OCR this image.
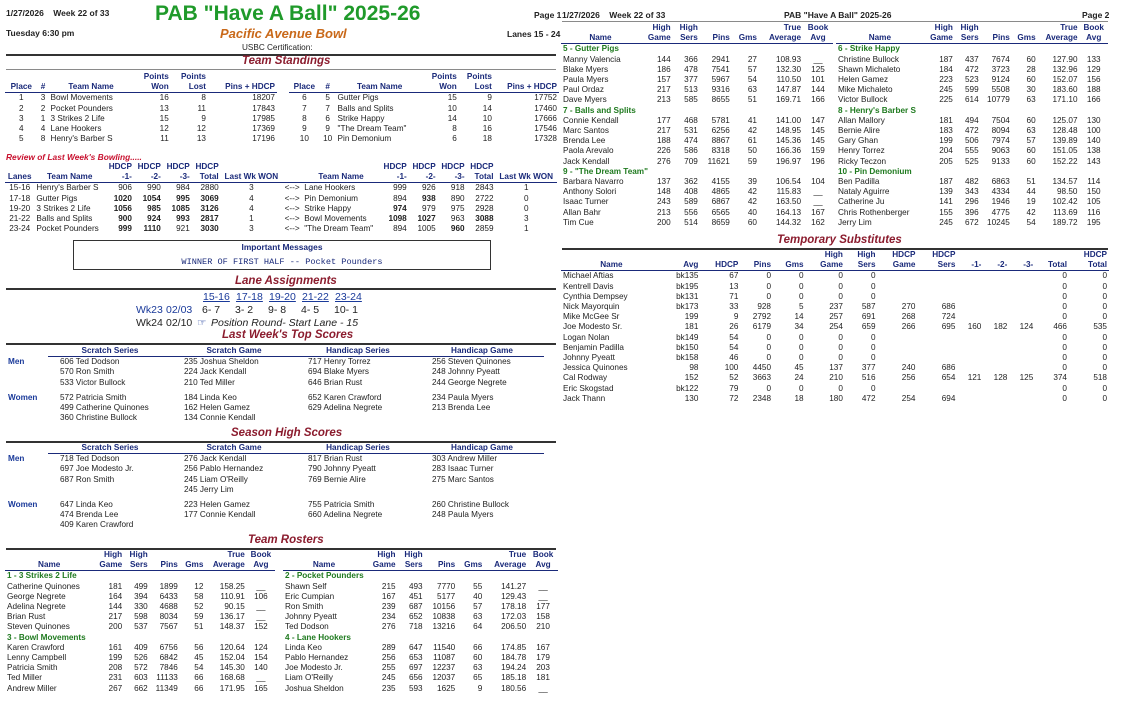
1/27/2026 Week 22 of 33 PAB "Have A Ball" 2025-26
Tuesday 6:30 pm	Pacific Avenue Bowl	Lanes 15 - 24
USBC Certification:
Team Standings
Place	#	Team Name	Points
Won	Points
Lost	Pins + HDCP
1	3	Bowl Movements	16	8	18207
2	2	Pocket Pounders	13	11	17843
3	1	3 Strikes 2 Life	15	9	17985
4	4	Lane Hookers	12	12	17369
5	8	Henry's Barber S	11	13	17196
Place	#	Team Name	Points
Won	Points
Lost	Pins + HDCP
6	5	Gutter Pigs	15	9	17752
7	7	Balls and Splits	10	14	17460
8	6	Strike Happy	14	10	17666
9	9	"The Dream Team"	8	16	17546
10	10	Pin Demonium	6	18	17328
Review of Last Week's Bowling.....
Lanes	Team Name	HDCP
-1-	HDCP
-2-	HDCP
-3-	HDCP
Total	Last Wk WON		Team Name	HDCP
-1-	HDCP
-2-	HDCP
-3-	HDCP
Total	Last Wk WON
15-16	Henry's Barber S	906	990	984	2880	3	<-->	Lane Hookers	999	926	918	2843	1
17-18	Gutter Pigs	1020	1054	995	3069	4	<-->	Pin Demonium	894	938	890	2722	0
19-20	3 Strikes 2 Life	1056	985	1085	3126	4	<-->	Strike Happy	974	979	975	2928	0
21-22	Balls and Splits	900	924	993	2817	1	<-->	Bowl Movements	1098	1027	963	3088	3
23-24	Pocket Pounders	999	1110	921	3030	3	<-->	"The Dream Team"	894	1005	960	2859	1
Important Messages
WINNER OF FIRST HALF -- Pocket Pounders
Lane Assignments
15-16 17-18 19-20 21-22 23-24
Wk23 02/03 6- 7 3- 2 9- 8 4- 5 10- 1
Wk24 02/10 ☞ Position Round- Start Lane - 15
Last Week's Top Scores
	Scratch Series	Scratch Game	Handicap Series	Handicap Game
Men	606 Ted Dodson	235 Joshua Sheldon	717 Henry Torrez	256 Steven Quinones
	570 Ron Smith	224 Jack Kendall	694 Blake Myers	248 Johnny Pyeatt
	533 Victor Bullock	210 Ted Miller	646 Brian Rust	244 George Negrete

Women	572 Patricia Smith	184 Linda Keo	652 Karen Crawford	234 Paula Myers
	499 Catherine Quinones	162 Helen Gamez	629 Adelina Negrete	213 Brenda Lee
	360 Christine Bullock	134 Connie Kendall		
Season High Scores
	Scratch Series	Scratch Game	Handicap Series	Handicap Game
Men	718 Ted Dodson	276 Jack Kendall	817 Brian Rust	303 Andrew Miller
	697 Joe Modesto Jr.	256 Pablo Hernandez	790 Johnny Pyeatt	283 Isaac Turner
	687 Ron Smith	245 Liam O'Reilly	769 Bernie Alire	275 Marc Santos
		245 Jerry Lim		

Women	647 Linda Keo	223 Helen Gamez	755 Patricia Smith	260 Christine Bullock
	474 Brenda Lee	177 Connie Kendall	660 Adelina Negrete	248 Paula Myers
	409 Karen Crawford			
Team Rosters
Name	High
Game	High
Sers	Pins	Gms	True
Average	Book
Avg
1 - 3 Strikes 2 Life						
Catherine Quinones	181	499	1899	12	158.25	__
George Negrete	164	394	6433	58	110.91	106
Adelina Negrete	144	330	4688	52	90.15	__
Brian Rust	217	598	8034	59	136.17	__
Steven Quinones	200	537	7567	51	148.37	152
3 - Bowl Movements						
Karen Crawford	161	409	6756	56	120.64	124
Lenny Campbell	199	526	6842	45	152.04	154
Patricia Smith	208	572	7846	54	145.30	140
Ted Miller	231	603	11133	66	168.68	__
Andrew Miller	267	662	11349	66	171.95	165
Name	High
Game	High
Sers	Pins	Gms	True
Average	Book
Avg
2 - Pocket Pounders						
Shawn Self	215	493	7770	55	141.27	__
Eric Cumpian	167	451	5177	40	129.43	__
Ron Smith	239	687	10156	57	178.18	177
Johnny Pyeatt	234	652	10838	63	172.03	158
Ted Dodson	276	718	13216	64	206.50	210
4 - Lane Hookers						
Linda Keo	289	647	11540	66	174.85	167
Pablo Hernandez	256	653	11087	60	184.78	179
Joe Modesto Jr.	255	697	12237	63	194.24	203
Liam O'Reilly	245	656	12037	65	185.18	181
Joshua Sheldon	235	593	1625	9	180.56	__
Page 1 1/27/2026 Week 22 of 33	PAB "Have A Ball" 2025-26	Page 2
Name	High
Game	High
Sers	Pins	Gms	True
Average	Book
Avg
5 - Gutter Pigs						
Manny Valencia	144	366	2941	27	108.93	__
Blake Myers	186	478	7541	57	132.30	125
Paula Myers	157	377	5967	54	110.50	101
Paul Ordaz	217	513	9316	63	147.87	144
Dave Myers	213	585	8655	51	169.71	166
7 - Balls and Splits						
Connie Kendall	177	468	5781	41	141.00	147
Marc Santos	217	531	6256	42	148.95	145
Brenda Lee	188	474	8867	61	145.36	145
Paola Arevalo	226	586	8318	50	166.36	159
Jack Kendall	276	709	11621	59	196.97	196
9 - "The Dream Team"						
Barbara Navarro	137	362	4155	39	106.54	104
Anthony Solori	148	408	4865	42	115.83	__
Isaac Turner	243	589	6867	42	163.50	__
Allan Bahr	213	556	6565	40	164.13	167
Tim Cue	200	514	8659	60	144.32	162
Name	High
Game	High
Sers	Pins	Gms	True
Average	Book
Avg
6 - Strike Happy						
Christine Bullock	187	437	7674	60	127.90	133
Shawn Michaleto	184	472	3723	28	132.96	129
Helen Gamez	223	523	9124	60	152.07	156
Mike Michaleto	245	599	5508	30	183.60	188
Victor Bullock	225	614	10779	63	171.10	166
8 - Henry's Barber S						
Allan Mallory	181	494	7504	60	125.07	130
Bernie Alire	183	472	8094	63	128.48	100
Gary Ghan	199	506	7974	57	139.89	140
Henry Torrez	204	555	9063	60	151.05	138
Ricky Teczon	205	525	9133	60	152.22	143
10 - Pin Demonium						
Ben Padilla	187	482	6863	51	134.57	114
Nataly Aguirre	139	343	4334	44	98.50	150
Catherine Ju	141	296	1946	19	102.42	105
Chris Rothenberger	155	396	4775	42	113.69	116
Jerry Lim	245	672	10245	54	189.72	195
Temporary Substitutes
Name	Avg	HDCP	Pins	Gms	High
Game	High
Sers	HDCP
Game	HDCP
Sers	-1-	-2-	-3-	Total	HDCP
Total
Michael Aftias	bk135	67	0	0	0	0						0	0
Kentrell Davis	bk195	13	0	0	0	0						0	0
Cynthia Dempsey	bk131	71	0	0	0	0						0	0
Nick Mayorquin	bk173	33	928	5	237	587	270	686				0	0
Mike McGee Sr	199	9	2792	14	257	691	268	724				0	0
Joe Modesto Sr.	181	26	6179	34	254	659	266	695	160	182	124	466	535
Logan Nolan	bk149	54	0	0	0	0						0	0
Benjamin Padilla	bk150	54	0	0	0	0						0	0
Johnny Pyeatt	bk158	46	0	0	0	0						0	0
Jessica Quinones	98	100	4450	45	137	377	240	686				0	0
Cal Rodway	152	52	3663	24	210	516	256	654	121	128	125	374	518
Eric Skogstad	bk122	79	0	0	0	0						0	0
Jack Thann	130	72	2348	18	180	472	254	694				0	0
